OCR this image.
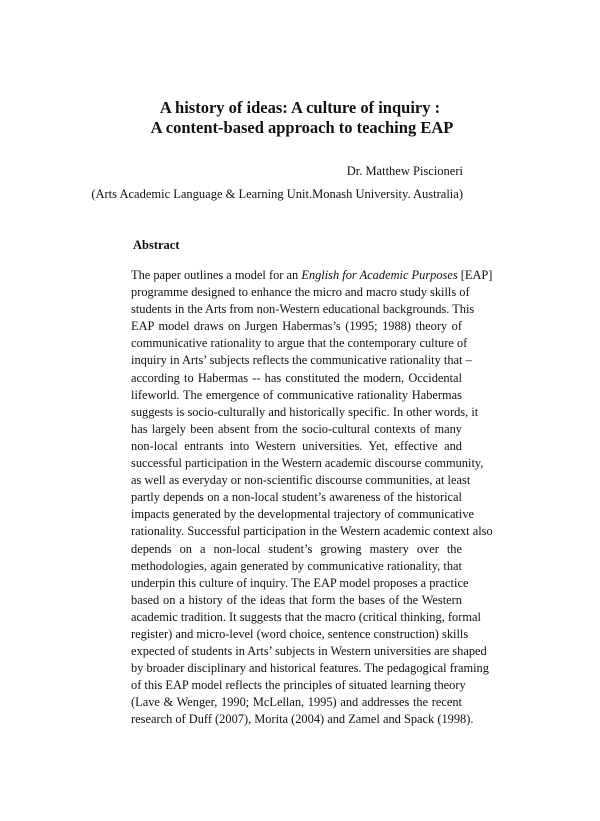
A history of ideas: A culture of inquiry :
A content-based approach to teaching EAP
Dr. Matthew Piscioneri
(Arts Academic Language & Learning Unit.Monash University. Australia)
Abstract
The paper outlines a model for an English for Academic Purposes [EAP]
programme designed to enhance the micro and macro study skills of
students in the Arts from non-Western educational backgrounds. This
EAP model draws on Jurgen Habermas’s (1995; 1988) theory of
communicative rationality to argue that the contemporary culture of
inquiry in Arts’ subjects reflects the communicative rationality that –
according to Habermas -- has constituted the modern, Occidental
lifeworld. The emergence of communicative rationality Habermas
suggests is socio-culturally and historically specific. In other words, it
has largely been absent from the socio-cultural contexts of many
non-local entrants into Western universities. Yet, effective and
successful participation in the Western academic discourse community,
as well as everyday or non-scientific discourse communities, at least
partly depends on a non-local student’s awareness of the historical
impacts generated by the developmental trajectory of communicative
rationality. Successful participation in the Western academic context also
depends on a non-local student’s growing mastery over the
methodologies, again generated by communicative rationality, that
underpin this culture of inquiry. The EAP model proposes a practice
based on a history of the ideas that form the bases of the Western
academic tradition. It suggests that the macro (critical thinking, formal
register) and micro-level (word choice, sentence construction) skills
expected of students in Arts’ subjects in Western universities are shaped
by broader disciplinary and historical features. The pedagogical framing
of this EAP model reflects the principles of situated learning theory
(Lave & Wenger, 1990; McLellan, 1995) and addresses the recent
research of Duff (2007), Morita (2004) and Zamel and Spack (1998).
